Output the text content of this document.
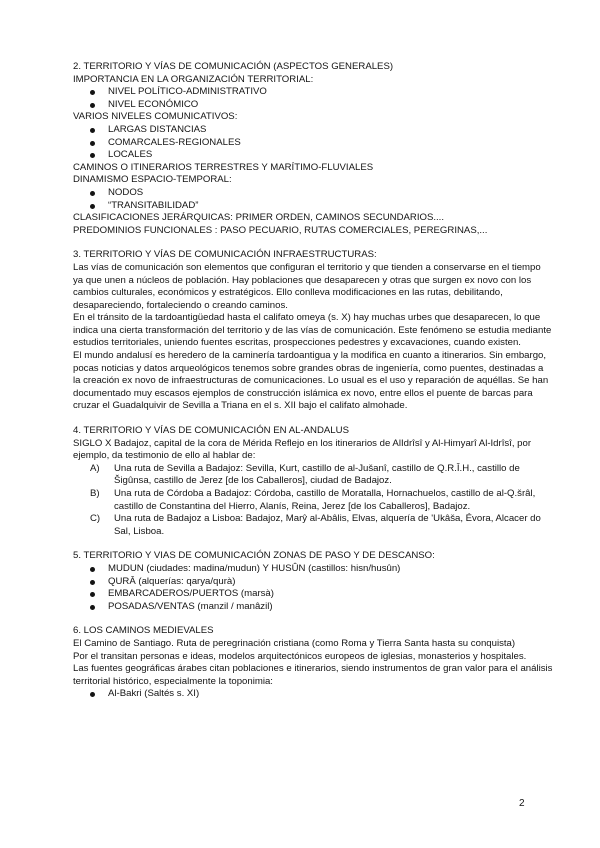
2. TERRITORIO Y VÍAS DE COMUNICACIÓN (ASPECTOS GENERALES)
IMPORTANCIA EN LA ORGANIZACIÓN TERRITORIAL:
NIVEL POLÍTICO-ADMINISTRATIVO
NIVEL ECONÓMICO
VARIOS NIVELES COMUNICATIVOS:
LARGAS DISTANCIAS
COMARCALES-REGIONALES
LOCALES
CAMINOS O ITINERARIOS TERRESTRES Y MARÍTIMO-FLUVIALES
DINAMISMO ESPACIO-TEMPORAL:
NODOS
“TRANSITABILIDAD”
CLASIFICACIONES JERÁRQUICAS: PRIMER ORDEN, CAMINOS SECUNDARIOS....
PREDOMINIOS FUNCIONALES : PASO PECUARIO, RUTAS COMERCIALES, PEREGRINAS,...
3. TERRITORIO Y VÍAS DE COMUNICACIÓN INFRAESTRUCTURAS:
Las vías de comunicación son elementos que configuran el territorio y que tienden a conservarse en el tiempo ya que unen a núcleos de población. Hay poblaciones que desaparecen y otras que surgen ex novo con los cambios culturales, económicos y estratégicos. Ello conlleva modificaciones en las rutas, debilitando, desapareciendo, fortaleciendo o creando caminos.
En el tránsito de la tardoantigüedad hasta el califato omeya (s. X) hay muchas urbes que desaparecen, lo que indica una cierta transformación del territorio y de las vías de comunicación. Este fenómeno se estudia mediante estudios territoriales, uniendo fuentes escritas, prospecciones pedestres y excavaciones, cuando existen.
El mundo andalusí es heredero de la caminería tardoantigua y la modifica en cuanto a itinerarios. Sin embargo, pocas noticias y datos arqueológicos tenemos sobre grandes obras de ingeniería, como puentes, destinadas a la creación ex novo de infraestructuras de comunicaciones. Lo usual es el uso y reparación de aquéllas. Se han documentado muy escasos ejemplos de construcción islámica ex novo, entre ellos el puente de barcas para cruzar el Guadalquivir de Sevilla a Triana en el s. XII bajo el califato almohade.
4. TERRITORIO Y VÍAS DE COMUNICACIÓN EN AL-ANDALUS
SIGLO X Badajoz, capital de la cora de Mérida Reflejo en los itinerarios de AlIdrîsî y Al-Himyarî Al-Idrîsî, por ejemplo, da testimonio de ello al hablar de:
A) Una ruta de Sevilla a Badajoz: Sevilla, Kurt, castillo de al-Jušanî, castillo de Q.R.Î.H., castillo de Šigûnsa, castillo de Jerez [de los Caballeros], ciudad de Badajoz.
B) Una ruta de Córdoba a Badajoz: Córdoba, castillo de Moratalla, Hornachuelos, castillo de al-Q.šrâl, castillo de Constantina del Hierro, Alanís, Reina, Jerez [de los Caballeros], Badajoz.
C) Una ruta de Badajoz a Lisboa: Badajoz, Marŷ al-Abâlis, Elvas, alquería de 'Ukâša, Évora, Alcacer do Sal, Lisboa.
5. TERRITORIO Y VIAS DE COMUNICACIÓN ZONAS DE PASO Y DE DESCANSO:
MUDUN (ciudades: madina/mudun) Y HUSÛN (castillos: hisn/husûn)
QURÂ (alquerías: qarya/qurà)
EMBARCADEROS/PUERTOS (marsà)
POSADAS/VENTAS (manzil / manâzil)
6. LOS CAMINOS MEDIEVALES
El Camino de Santiago. Ruta de peregrinación cristiana (como Roma y Tierra Santa hasta su conquista)
Por el transitan personas e ideas, modelos arquitectónicos europeos de iglesias, monasterios y hospitales.
Las fuentes geográficas árabes citan poblaciones e itinerarios, siendo instrumentos de gran valor para el análisis territorial histórico, especialmente la toponimia:
Al-Bakri (Saltés s. XI)
2
